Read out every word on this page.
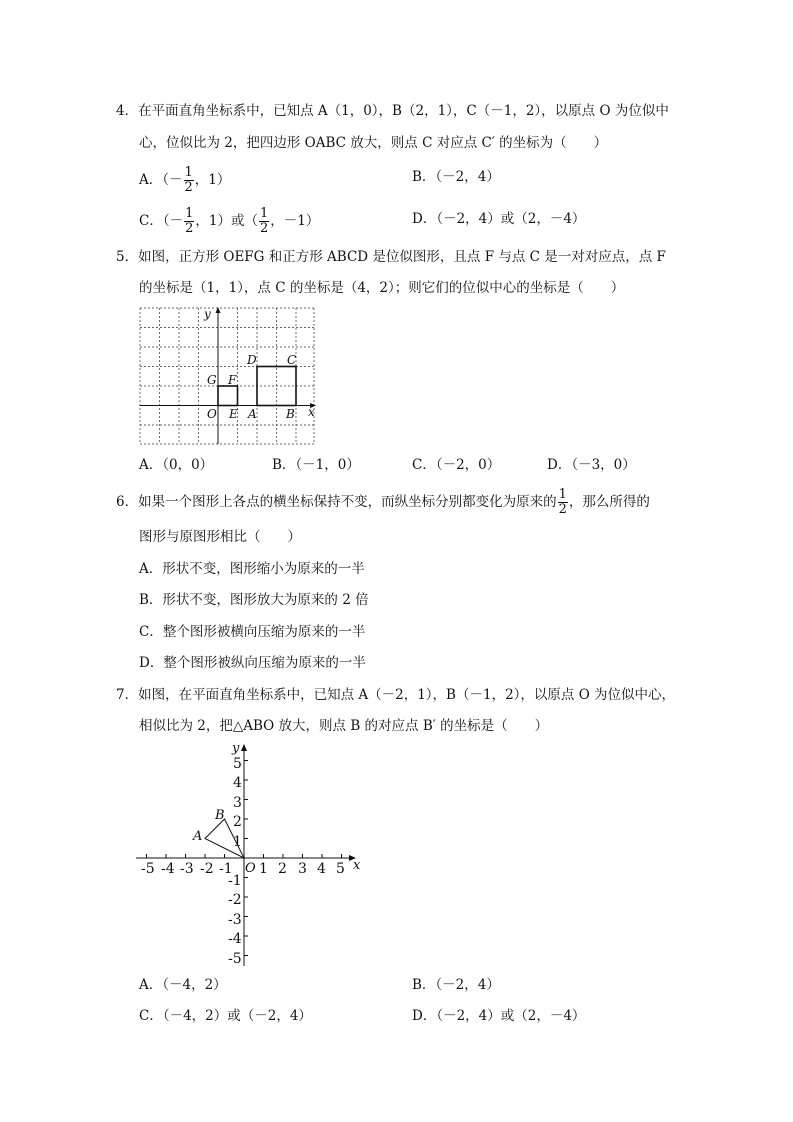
4．在平面直角坐标系中，已知点 A（1，0），B（2，1），C（－1，2），以原点 O 为位似中
心，位似比为 2，把四边形 OABC 放大，则点 C 对应点 C′ 的坐标为（　　）
A．（－ $\frac{1}{2}$ ，1）	B．（－2，4）
C．（－ $\frac{1}{2}$ ，1）或（ $\frac{1}{2}$ ，－1）	D．（－2，4）或（2，－4）
5．如图，正方形 OEFG 和正方形 ABCD 是位似图形，且点 F 与点 C 是一对对应点，点 F
的坐标是（1，1），点 C 的坐标是（4，2）；则它们的位似中心的坐标是（　　）
y
x
O E A B
G F
D	C
A．（0，0）	B．（－1，0）	C．（－2，0）	D．（－3，0）
6．如果一个图形上各点的横坐标保持不变，而纵坐标分别都变化为原来的 $\frac{1}{2}$ ，那么所得的
图形与原图形相比（　　）
A．形状不变，图形缩小为原来的一半
B．形状不变，图形放大为原来的 2 倍
C．整个图形被横向压缩为原来的一半
D．整个图形被纵向压缩为原来的一半
7．如图，在平面直角坐标系中，已知点 A（－2，1），B（－1，2），以原点 O 为位似中心，
相似比为 2，把△ABO 放大，则点 B 的对应点 B′ 的坐标是（　　）
-5 -4 -3 -2 -1 1 2 3 4 5
5
4
3
2
1
-1
-2
-3
-4
-5
y
x
O
A
B
A．（－4，2）	B．（－2，4）
C．（－4，2）或（－2，4）	D．（－2，4）或（2，－4）
